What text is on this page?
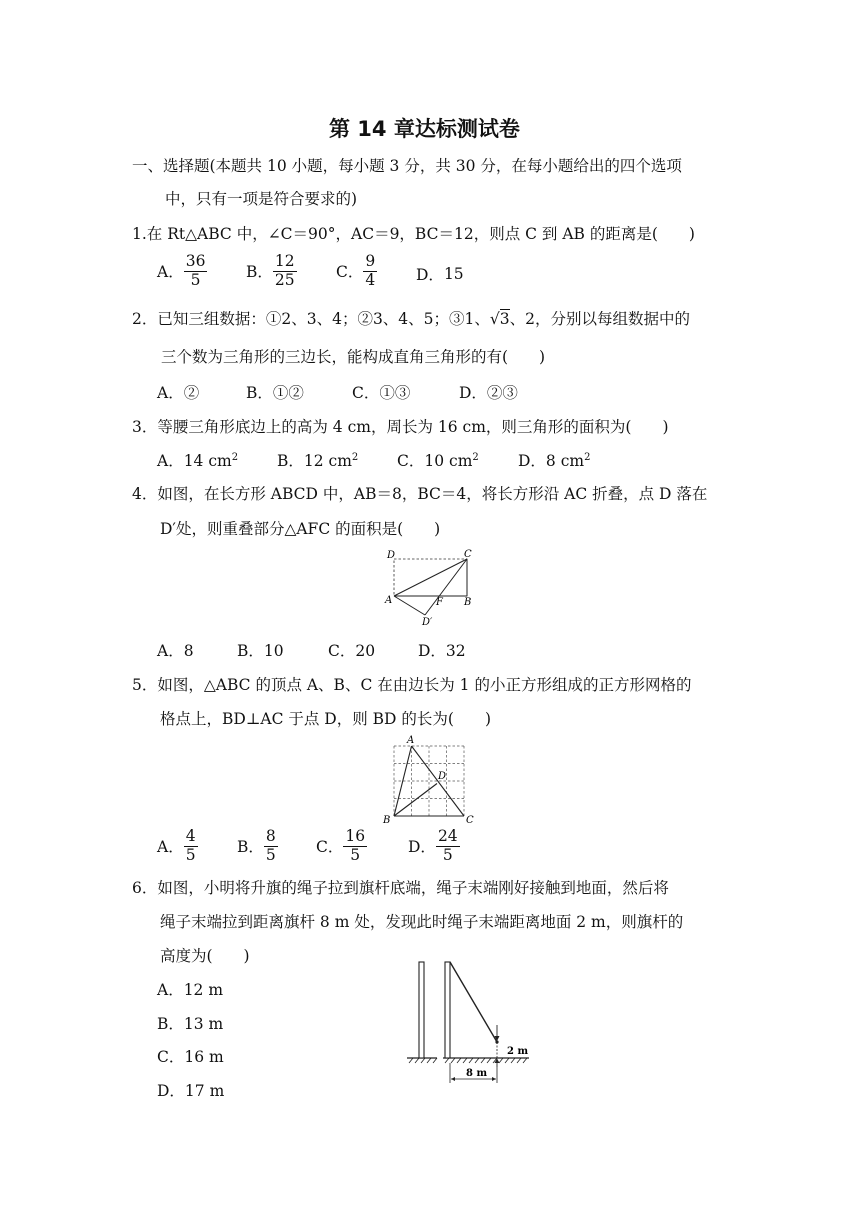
第 14 章达标测试卷
一、选择题(本题共 10 小题，每小题 3 分，共 30 分，在每小题给出的四个选项
中，只有一项是符合要求的)
1.在 Rt△ABC 中，∠C＝90°，AC＝9，BC＝12，则点 C 到 AB 的距离是(　　)
A． $\frac{36}{5}$ B． $\frac{12}{25}$	C． $\frac{9}{4}$	D． 15
2．已知三组数据：①2、3、4；②3、4、5；③1、√3、2，分别以每组数据中的
三个数为三角形的三边长，能构成直角三角形的有(　　)
A．②	B．①②	C．①③	D．②③
3．等腰三角形底边上的高为 4 cm，周长为 16 cm，则三角形的面积为(　　)
A．14 $cm^2$	B．12 $cm^2$ C．10 $cm^2$	D．8 $cm^2$
4．如图，在长方形 ABCD 中，AB＝8，BC＝4，将长方形沿 AC 折叠，点 D 落在
D′处，则重叠部分△AFC 的面积是(　　)
D	C
A	F B
D′
A．8	B．10	C．20	D．32
5．如图，△ABC 的顶点 A、B、C 在由边长为 1 的小正方形组成的正方形网格的
格点上，BD⊥AC 于点 D，则 BD 的长为(　　)
A
B	C
D
A． $\frac{4}{5}$	B． $\frac{8}{5}$ C． $\frac{16}{5}$	D． $\frac{24}{5}$
6．如图，小明将升旗的绳子拉到旗杆底端，绳子末端刚好接触到地面，然后将
绳子末端拉到距离旗杆 8 m 处，发现此时绳子末端距离地面 2 m，则旗杆的
高度为(　　)
A．12 m
B．13 m
C．16 m
D．17 m
2 m
8 m
